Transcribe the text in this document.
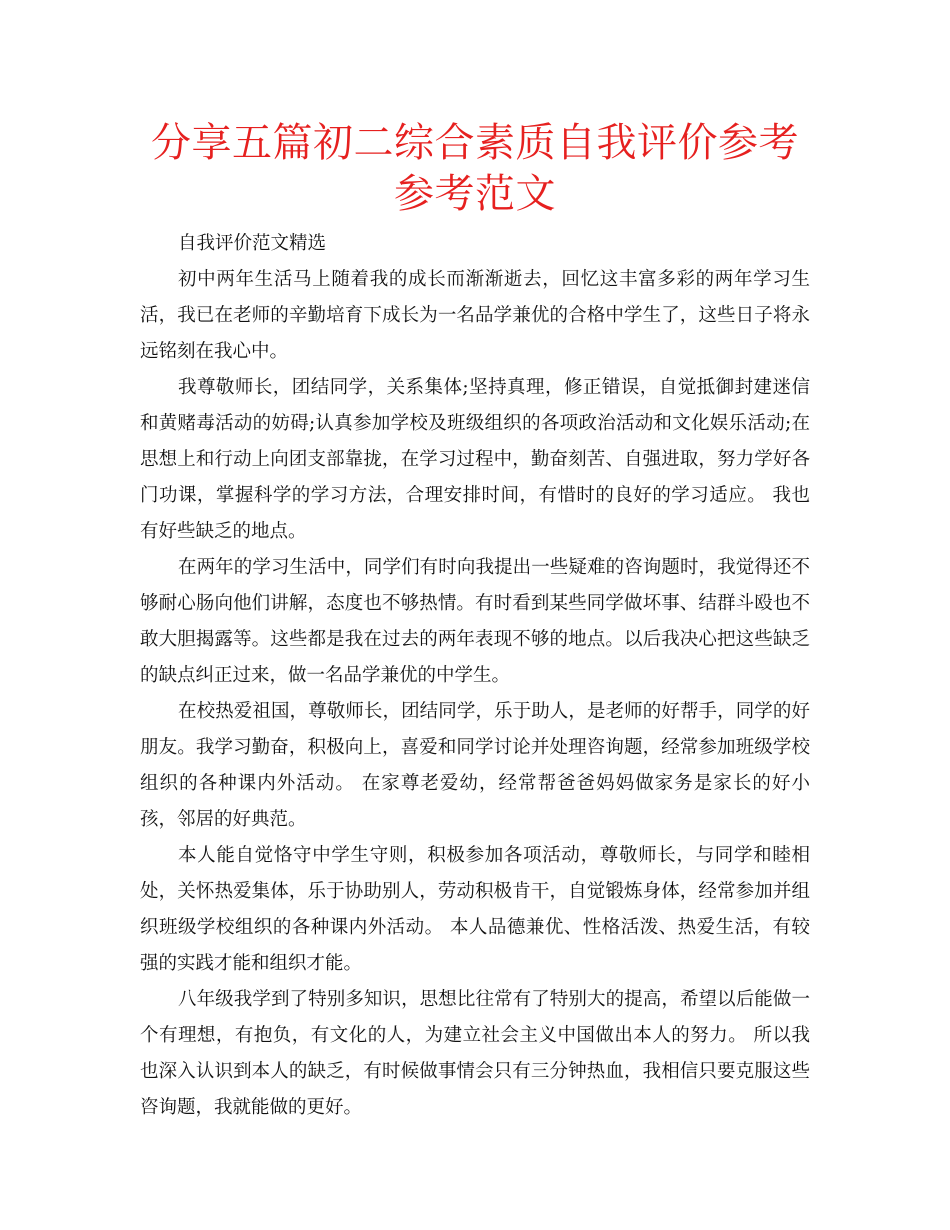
分享五篇初二综合素质自我评价参考参考范文

自我评价范文精选

初中两年生活马上随着我的成长而渐渐逝去，回忆这丰富多彩的两年学习生活，我已在老师的辛勤培育下成长为一名品学兼优的合格中学生了，这些日子将永远铭刻在我心中。

我尊敬师长，团结同学，关系集体;坚持真理，修正错误，自觉抵御封建迷信和黄赌毒活动的妨碍;认真参加学校及班级组织的各项政治活动和文化娱乐活动;在思想上和行动上向团支部靠拢，在学习过程中，勤奋刻苦、自强进取，努力学好各门功课，掌握科学的学习方法，合理安排时间，有惜时的良好的学习适应。 我也有好些缺乏的地点。

在两年的学习生活中，同学们有时向我提出一些疑难的咨询题时，我觉得还不够耐心肠向他们讲解，态度也不够热情。有时看到某些同学做坏事、结群斗殴也不敢大胆揭露等。这些都是我在过去的两年表现不够的地点。以后我决心把这些缺乏的缺点纠正过来，做一名品学兼优的中学生。

在校热爱祖国，尊敬师长，团结同学，乐于助人，是老师的好帮手，同学的好朋友。我学习勤奋，积极向上，喜爱和同学讨论并处理咨询题，经常参加班级学校组织的各种课内外活动。 在家尊老爱幼，经常帮爸爸妈妈做家务是家长的好小孩，邻居的好典范。

本人能自觉恪守中学生守则，积极参加各项活动，尊敬师长，与同学和睦相处，关怀热爱集体，乐于协助别人，劳动积极肯干，自觉锻炼身体，经常参加并组织班级学校组织的各种课内外活动。 本人品德兼优、性格活泼、热爱生活，有较强的实践才能和组织才能。

八年级我学到了特别多知识，思想比往常有了特别大的提高，希望以后能做一个有理想，有抱负，有文化的人，为建立社会主义中国做出本人的努力。 所以我也深入认识到本人的缺乏，有时候做事情会只有三分钟热血，我相信只要克服这些咨询题，我就能做的更好。
